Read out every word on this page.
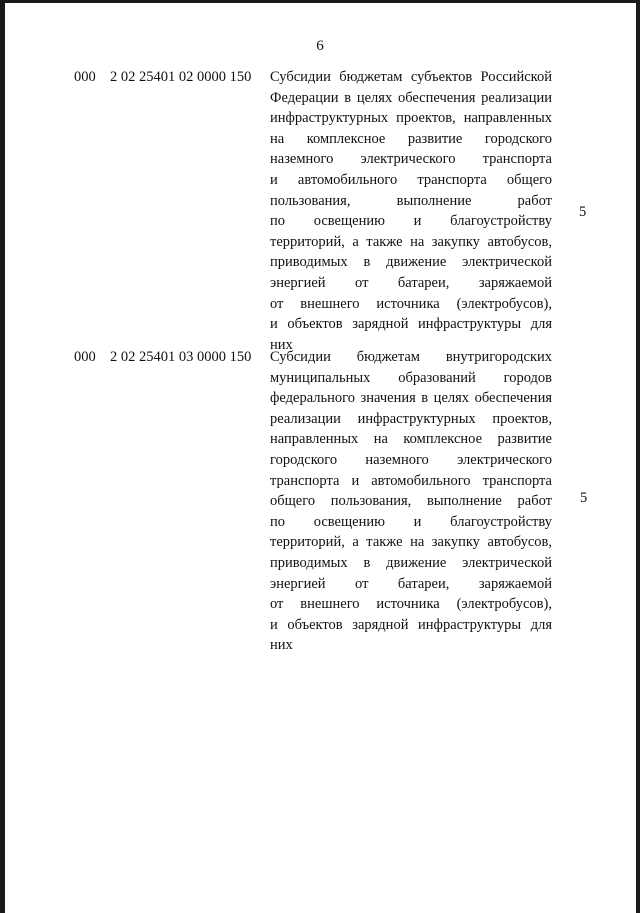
6
000 2 02 25401 02 0000 150 Субсидии бюджетам субъектов Российской
Федерации в целях обеспечения реализации
инфраструктурных проектов, направленных
на комплексное развитие городского
наземного электрического транспорта
и автомобильного транспорта общего
пользования, выполнение работ
по освещению и благоустройству
территорий, а также на закупку автобусов,
приводимых в движение электрической
энергией от батареи, заряжаемой
от внешнего источника (электробусов),
и объектов зарядной инфраструктуры для
них
5
000 2 02 25401 03 0000 150 Субсидии бюджетам внутригородских
муниципальных образований городов
федерального значения в целях обеспечения
реализации инфраструктурных проектов,
направленных на комплексное развитие
городского наземного электрического
транспорта и автомобильного транспорта
общего пользования, выполнение работ
по освещению и благоустройству
территорий, а также на закупку автобусов,
приводимых в движение электрической
энергией от батареи, заряжаемой
от внешнего источника (электробусов),
и объектов зарядной инфраструктуры для
них
5
